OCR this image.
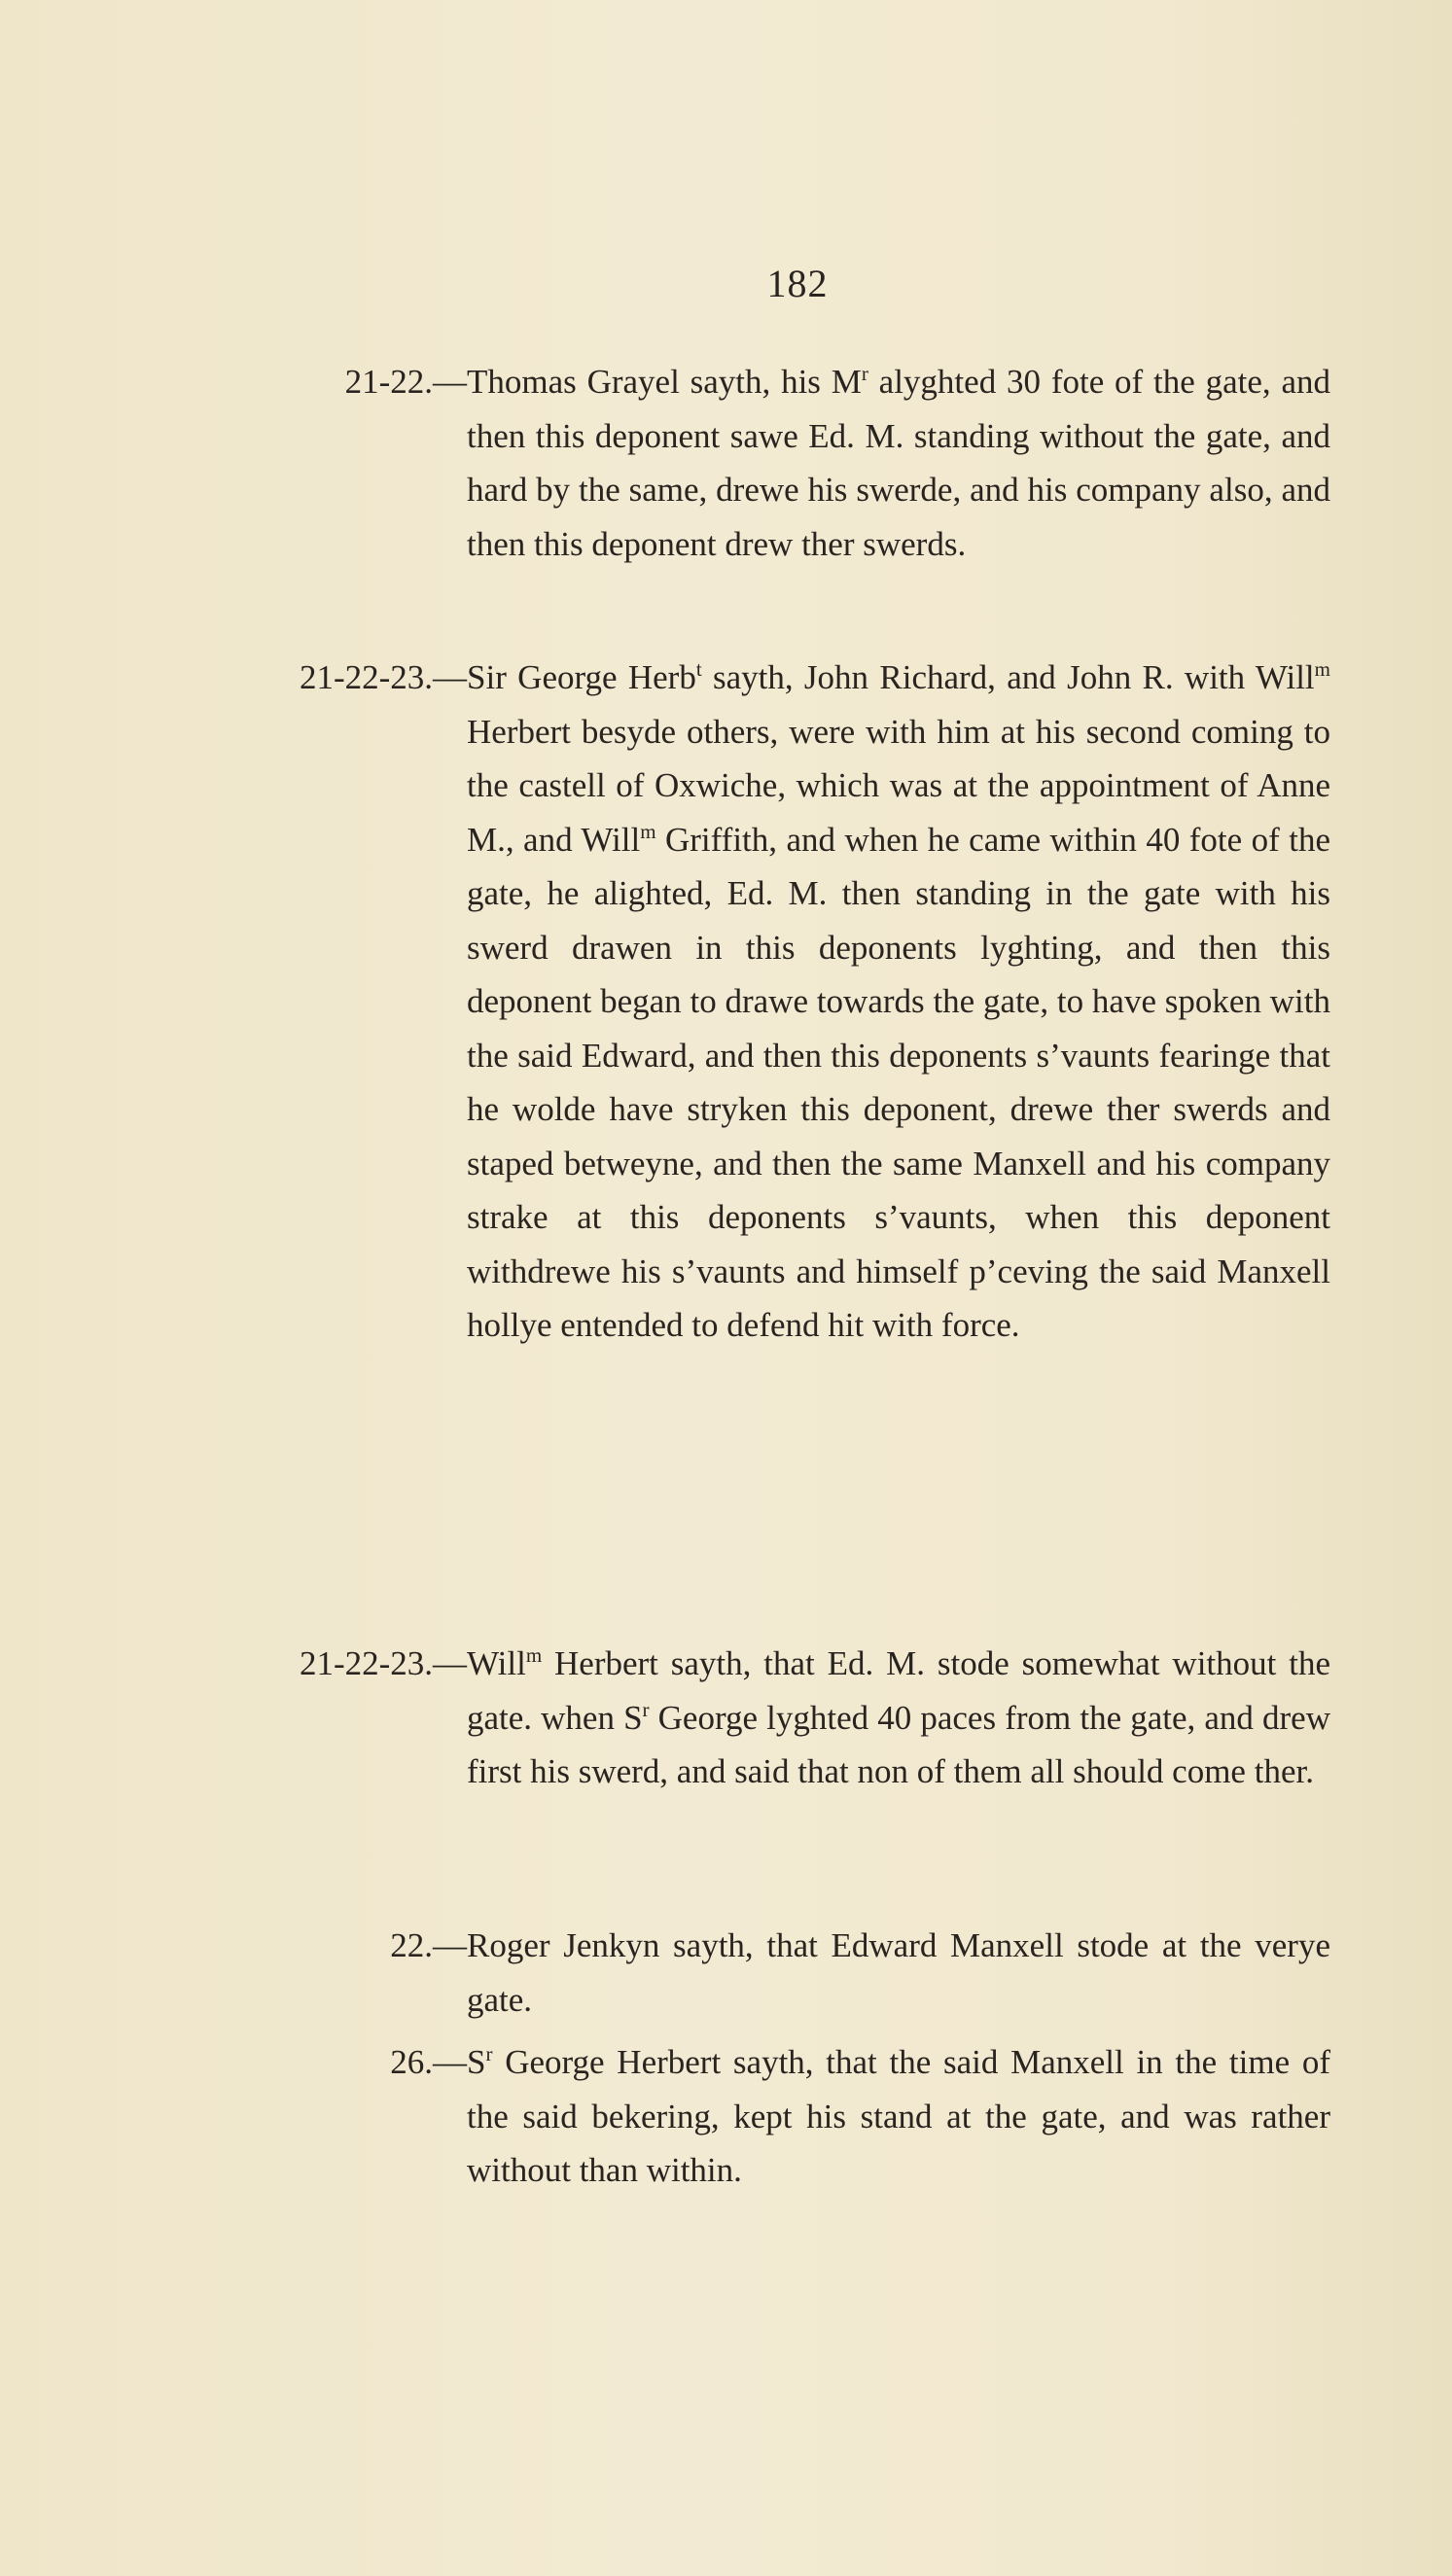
182
21-22.— Thomas Grayel sayth, his $M^r$ alyghted 30 fote of the gate, and then this deponent sawe Ed. M. standing without the gate, and hard by the same, drewe his swerde, and his company also, and then this deponent drew ther swerds.
21-22-23.— Sir George Herb$^t$ sayth, John Richard, and John R. with Will$^m$ Herbert besyde others, were with him at his second coming to the castell of Oxwiche, which was at the appointment of Anne M., and Will$^m$ Griffith, and when he came within 40 fote of the gate, he alighted, Ed. M. then standing in the gate with his swerd drawen in this deponents lyghting, and then this deponent began to drawe towards the gate, to have spoken with the said Edward, and then this deponents s’vaunts fearinge that he wolde have stryken this deponent, drewe ther swerds and staped betweyne, and then the same Manxell and his company strake at this deponents s’vaunts, when this deponent withdrewe his s’vaunts and himself p’ceving the said Manxell hollye entended to defend hit with force.
21-22-23.— Will$^m$ Herbert sayth, that Ed. M. stode somewhat without the gate. when $S^r$ George lyghted 40 paces from the gate, and drew first his swerd, and said that non of them all should come ther.
22.— Roger Jenkyn sayth, that Edward Manxell stode at the verye gate.
26.— $S^r$ George Herbert sayth, that the said Manxell in the time of the said bekering, kept his stand at the gate, and was rather without than within.
